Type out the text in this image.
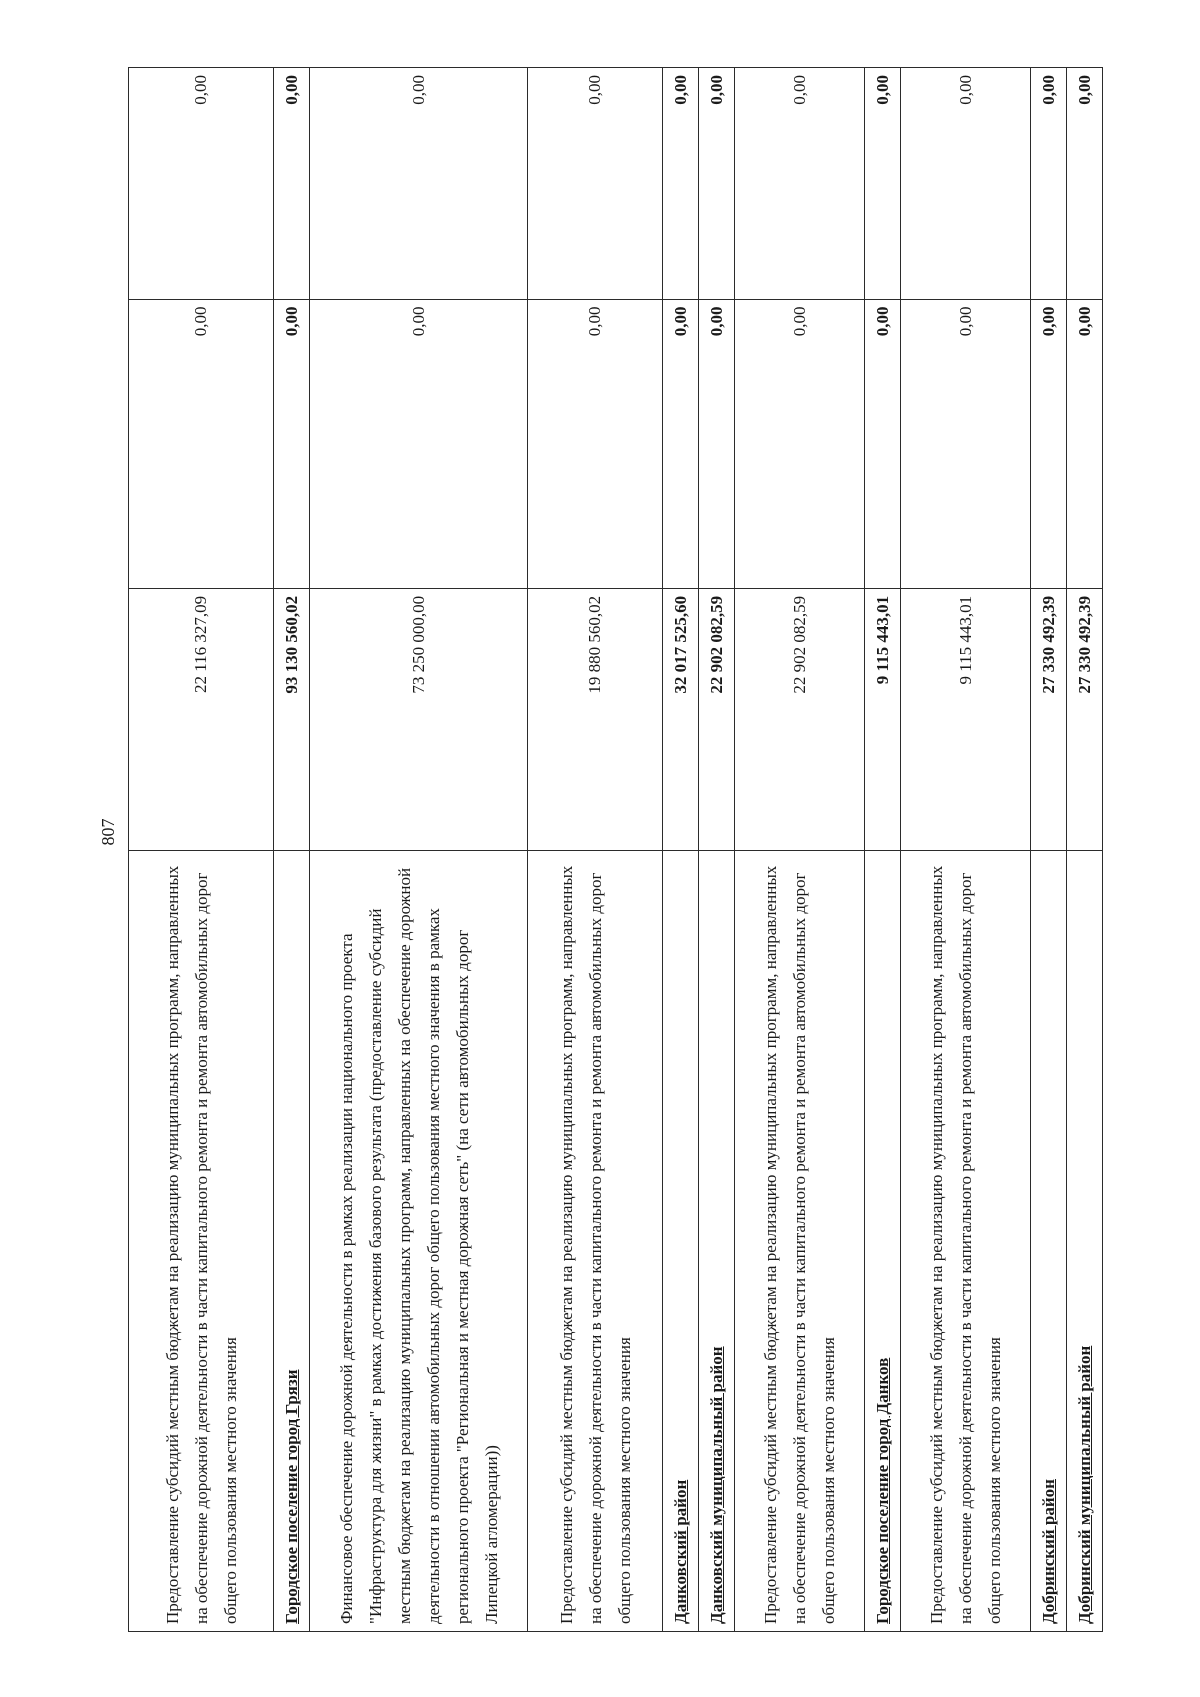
807
Предоставление субсидий местным бюджетам на реализацию муниципальных программ, направленных на обеспечение дорожной деятельности в части капитального ремонта и ремонта автомобильных дорог общего пользования местного значения	22 116 327,09	0,00	0,00
Городское поселение город Грязи	93 130 560,02	0,00	0,00
Финансовое обеспечение дорожной деятельности в рамках реализации национального проекта "Инфраструктура для жизни" в рамках достижения базового результата (предоставление субсидий местным бюджетам на реализацию муниципальных программ, направленных на обеспечение дорожной деятельности в отношении автомобильных дорог общего пользования местного значения в рамках регионального проекта "Региональная и местная дорожная сеть" (на сети автомобильных дорог Липецкой агломерации))	73 250 000,00	0,00	0,00
Предоставление субсидий местным бюджетам на реализацию муниципальных программ, направленных на обеспечение дорожной деятельности в части капитального ремонта и ремонта автомобильных дорог общего пользования местного значения	19 880 560,02	0,00	0,00
Данковский район	32 017 525,60	0,00	0,00
Данковский муниципальный район	22 902 082,59	0,00	0,00
Предоставление субсидий местным бюджетам на реализацию муниципальных программ, направленных на обеспечение дорожной деятельности в части капитального ремонта и ремонта автомобильных дорог общего пользования местного значения	22 902 082,59	0,00	0,00
Городское поселение город Данков	9 115 443,01	0,00	0,00
Предоставление субсидий местным бюджетам на реализацию муниципальных программ, направленных на обеспечение дорожной деятельности в части капитального ремонта и ремонта автомобильных дорог общего пользования местного значения	9 115 443,01	0,00	0,00
Добринский район	27 330 492,39	0,00	0,00
Добринский муниципальный район	27 330 492,39	0,00	0,00
